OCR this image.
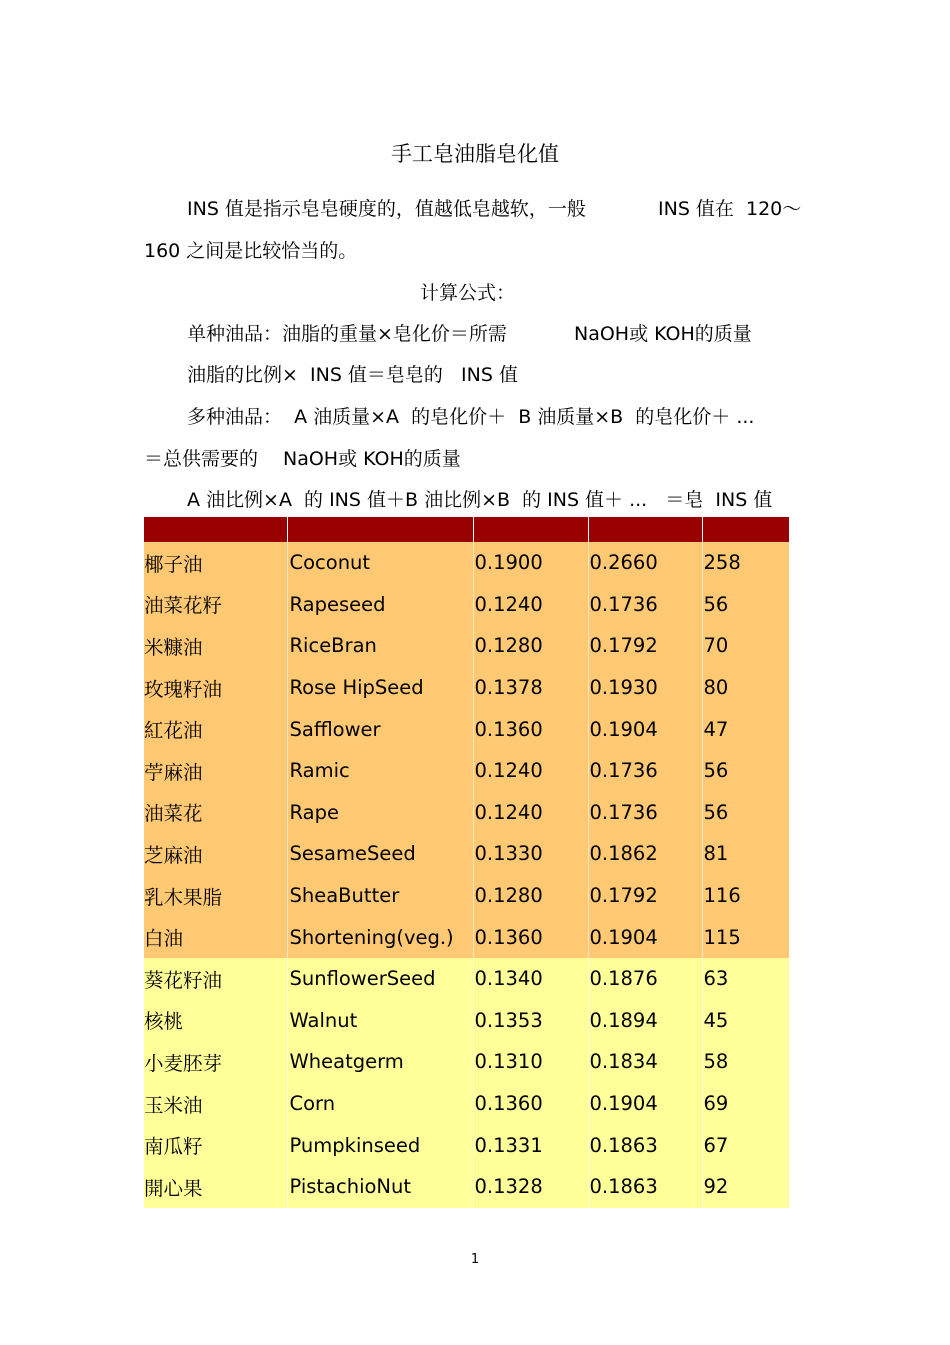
手工皂油脂皂化值
INS 值是指示皂皂硬度的，值越低皂越软，一般	INS 值在  120～
160 之间是比较恰当的。
计算公式：
单种油品：油脂的重量×皂化价＝所需	NaOH或 KOH的质量
油脂的比例×  INS 值＝皂皂的   INS 值
多种油品：  A 油质量×A  的皂化价＋  B 油质量×B  的皂化价＋ ...
＝总供需要的 NaOH或 KOH的质量
A 油比例×A  的 INS 值＋B 油比例×B  的 INS 值＋ ...   ＝皂  INS 值

椰子油	Coconut	0.1900	0.2660	258
油菜花籽	Rapeseed	0.1240	0.1736	56
米糠油	RiceBran	0.1280	0.1792	70
玫瑰籽油	Rose HipSeed	0.1378	0.1930	80
紅花油	Safflower	0.1360	0.1904	47
苧麻油	Ramic	0.1240	0.1736	56
油菜花	Rape	0.1240	0.1736	56
芝麻油	SesameSeed	0.1330	0.1862	81
乳木果脂	SheaButter	0.1280	0.1792	116
白油	Shortening(veg.)	0.1360	0.1904	115
葵花籽油	SunflowerSeed	0.1340	0.1876	63
核桃	Walnut	0.1353	0.1894	45
小麦胚芽	Wheatgerm	0.1310	0.1834	58
玉米油	Corn	0.1360	0.1904	69
南瓜籽	Pumpkinseed	0.1331	0.1863	67
開心果	PistachioNut	0.1328	0.1863	92
1
